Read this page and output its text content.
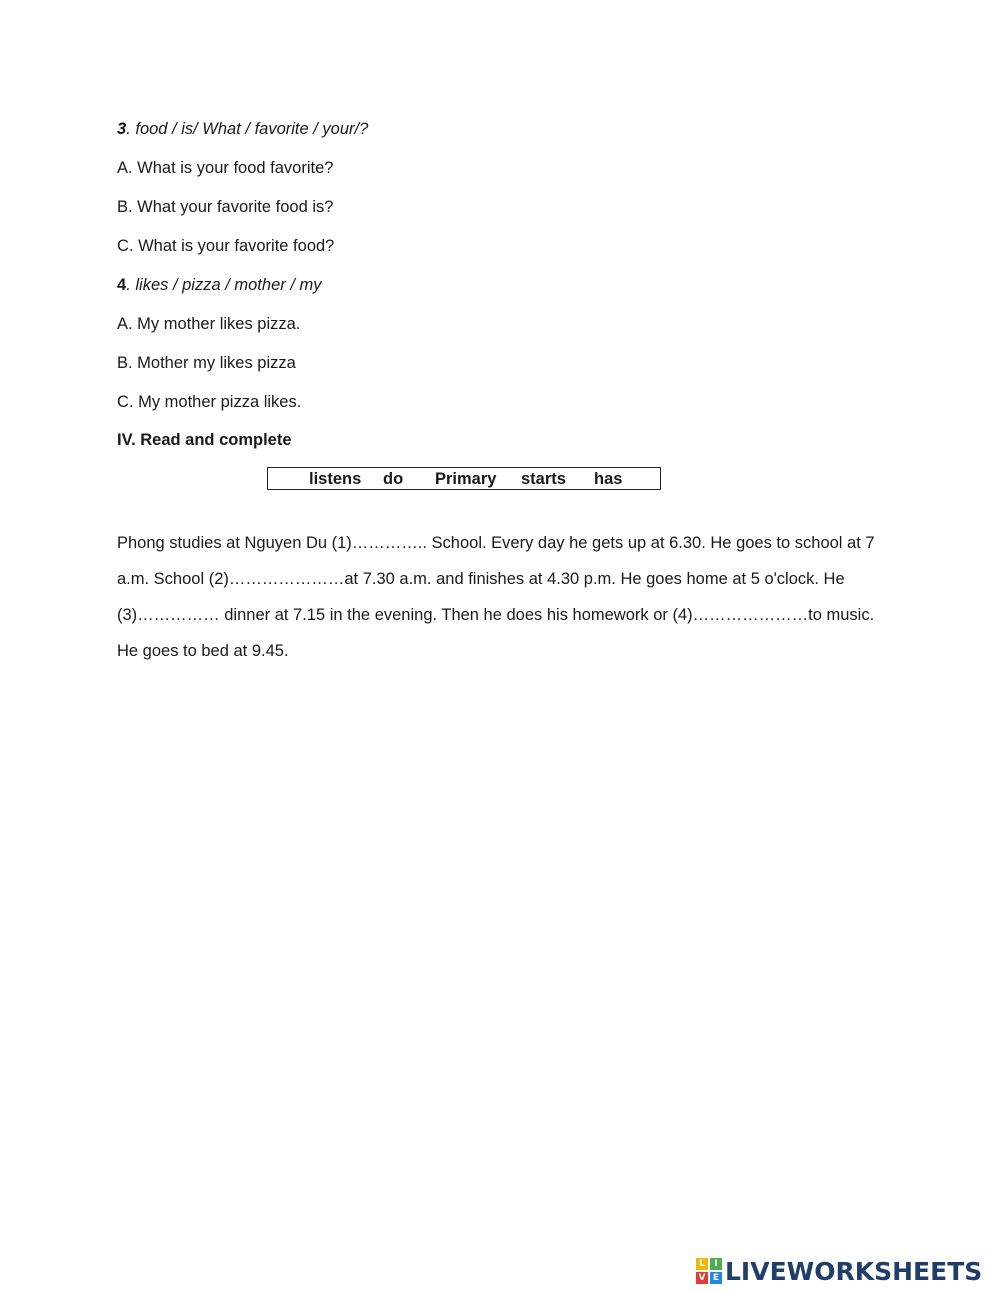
3. food / is/ What / favorite / your/?
A. What is your food favorite?
B. What your favorite food is?
C. What is your favorite food?
4. likes / pizza / mother / my
A. My mother likes pizza.
B. Mother my likes pizza
C. My mother pizza likes.
IV. Read and complete
listens do Primary starts has
Phong studies at Nguyen Du (1)………….. School. Every day he gets up at 6.30. He goes to school at 7
a.m. School (2)…………………at 7.30 a.m. and finishes at 4.30 p.m. He goes home at 5 o'clock. He
(3)…………… dinner at 7.15 in the evening. Then he does his homework or (4)…………………to music.
He goes to bed at 9.45.
L	I
V E LIVEWORKSHEETS
